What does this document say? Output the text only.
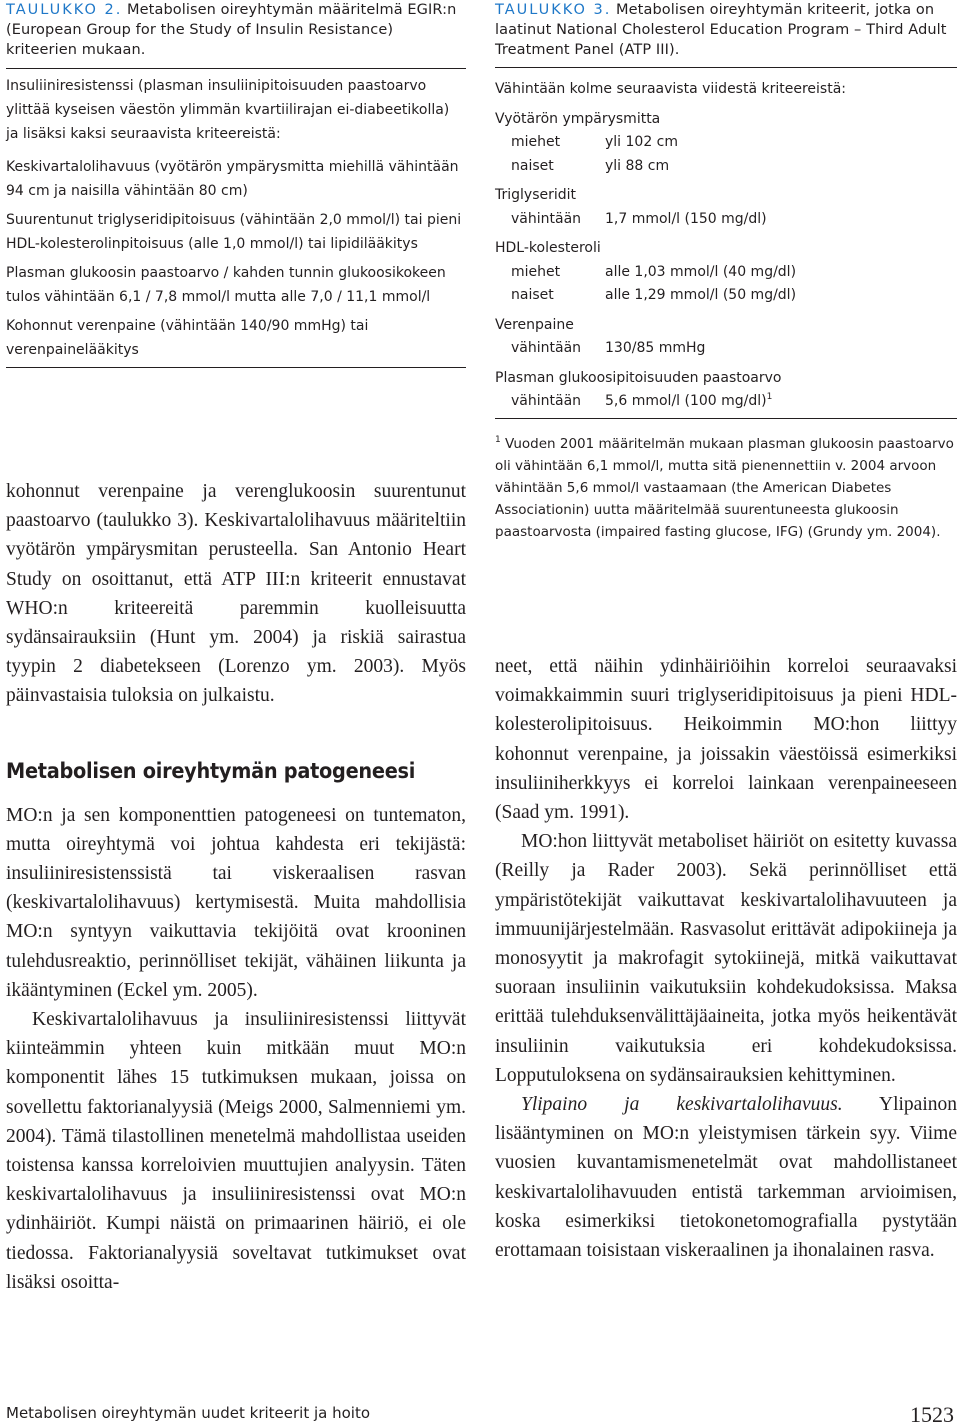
TAULUKKO 2. Metabolisen oireyhtymän määritelmä EGIR:n (European Group for the Study of Insulin Resistance) kriteerien mukaan.

Insuliiniresistenssi (plasman insuliinipitoisuuden paastoarvo ylittää kyseisen väestön ylimmän kvartiilirajan ei-diabeetikolla) ja lisäksi kaksi seuraavista kriteereistä:

Keskivartalolihavuus (vyötärön ympärysmitta miehillä vähintään 94 cm ja naisilla vähintään 80 cm)

Suurentunut triglyseridipitoisuus (vähintään 2,0 mmol/l) tai pieni HDL-kolesterolinpitoisuus (alle 1,0 mmol/l) tai lipidilääkitys

Plasman glukoosin paastoarvo / kahden tunnin glukoosikokeen tulos vähintään 6,1 / 7,8 mmol/l mutta alle 7,0 / 11,1 mmol/l

Kohonnut verenpaine (vähintään 140/90 mmHg) tai verenpainelääkitys

TAULUKKO 3. Metabolisen oireyhtymän kriteerit, jotka on laatinut National Cholesterol Education Program – Third Adult Treatment Panel (ATP III).
Vähintään kolme seuraavista viidestä kriteereistä:
Vyötärön ympärysmitta
miehet	yli 102 cm
naiset	yli 88 cm
Triglyseridit
vähintään 1,7 mmol/l (150 mg/dl)
HDL-kolesteroli
miehet	alle 1,03 mmol/l (40 mg/dl)
naiset	alle 1,29 mmol/l (50 mg/dl)
Verenpaine
vähintään 130/85 mmHg
Plasman glukoosipitoisuuden paastoarvo
vähintään 5,6 mmol/l (100 mg/dl)$^1$
$^1$ Vuoden 2001 määritelmän mukaan plasman glukoosin paastoarvo oli vähintään 6,1 mmol/l, mutta sitä pienennettiin v. 2004 arvoon vähintään 5,6 mmol/l vastaamaan (the American Diabetes Associationin) uutta määritelmää suurentuneesta glukoosin paastoarvosta (impaired fasting glucose, IFG) (Grundy ym. 2004).

kohonnut verenpaine ja verenglukoosin suurentunut paastoarvo (taulukko 3). Keskivartalolihavuus määriteltiin vyötärön ympärysmitan perusteella. San Antonio Heart Study on osoittanut, että ATP III:n kriteerit ennustavat WHO:n kriteereitä paremmin kuolleisuutta sydänsairauksiin (Hunt ym. 2004) ja riskiä sairastua tyypin 2 diabetekseen (Lorenzo ym. 2003). Myös päinvastaisia tuloksia on julkaistu.

Metabolisen oireyhtymän patogeneesi

MO:n ja sen komponenttien patogeneesi on tuntematon, mutta oireyhtymä voi johtua kahdesta eri tekijästä: insuliiniresistenssistä tai viskeraalisen rasvan (keskivartalolihavuus) kertymisestä. Muita mahdollisia MO:n syntyyn vaikuttavia tekijöitä ovat krooninen tulehdusreaktio, perinnölliset tekijät, vähäinen liikunta ja ikääntyminen (Eckel ym. 2005).

Keskivartalolihavuus ja insuliiniresistenssi liittyvät kiinteämmin yhteen kuin mitkään muut MO:n komponentit lähes 15 tutkimuksen mukaan, joissa on sovellettu faktorianalyysiä (Meigs 2000, Salmenniemi ym. 2004). Tämä tilastollinen menetelmä mahdollistaa useiden toistensa kanssa korreloivien muuttujien analyysin. Täten keskivartalolihavuus ja insuliiniresistenssi ovat MO:n ydinhäiriöt. Kumpi näistä on primaarinen häiriö, ei ole tiedossa. Faktorianalyysiä soveltavat tutkimukset ovat lisäksi osoitta-

neet, että näihin ydinhäiriöihin korreloi seuraavaksi voimakkaimmin suuri triglyseridipitoisuus ja pieni HDL-kolesterolipitoisuus. Heikoimmin MO:hon liittyy kohonnut verenpaine, ja joissakin väestöissä esimerkiksi insuliiniherkkyys ei korreloi lainkaan verenpaineeseen (Saad ym. 1991).

MO:hon liittyvät metaboliset häiriöt on esitetty kuvassa (Reilly ja Rader 2003). Sekä perinnölliset että ympäristötekijät vaikuttavat keskivartalolihavuuteen ja immuunijärjestelmään. Rasvasolut erittävät adipokiineja ja monosyytit ja makrofagit sytokiinejä, mitkä vaikuttavat suoraan insuliinin vaikutuksiin kohdekudoksissa. Maksa erittää tulehduksenvälittäjäaineita, jotka myös heikentävät insuliinin vaikutuksia eri kohdekudoksissa. Lopputuloksena on sydänsairauksien kehittyminen.

Ylipaino ja keskivartalolihavuus. Ylipainon lisääntyminen on MO:n yleistymisen tärkein syy. Viime vuosien kuvantamismenetelmät ovat mahdollistaneet keskivartalolihavuuden entistä tarkemman arvioimisen, koska esimerkiksi tietokonetomografialla pystytään erottamaan toisistaan viskeraalinen ja ihonalainen rasva.

Metabolisen oireyhtymän uudet kriteerit ja hoito	1523
